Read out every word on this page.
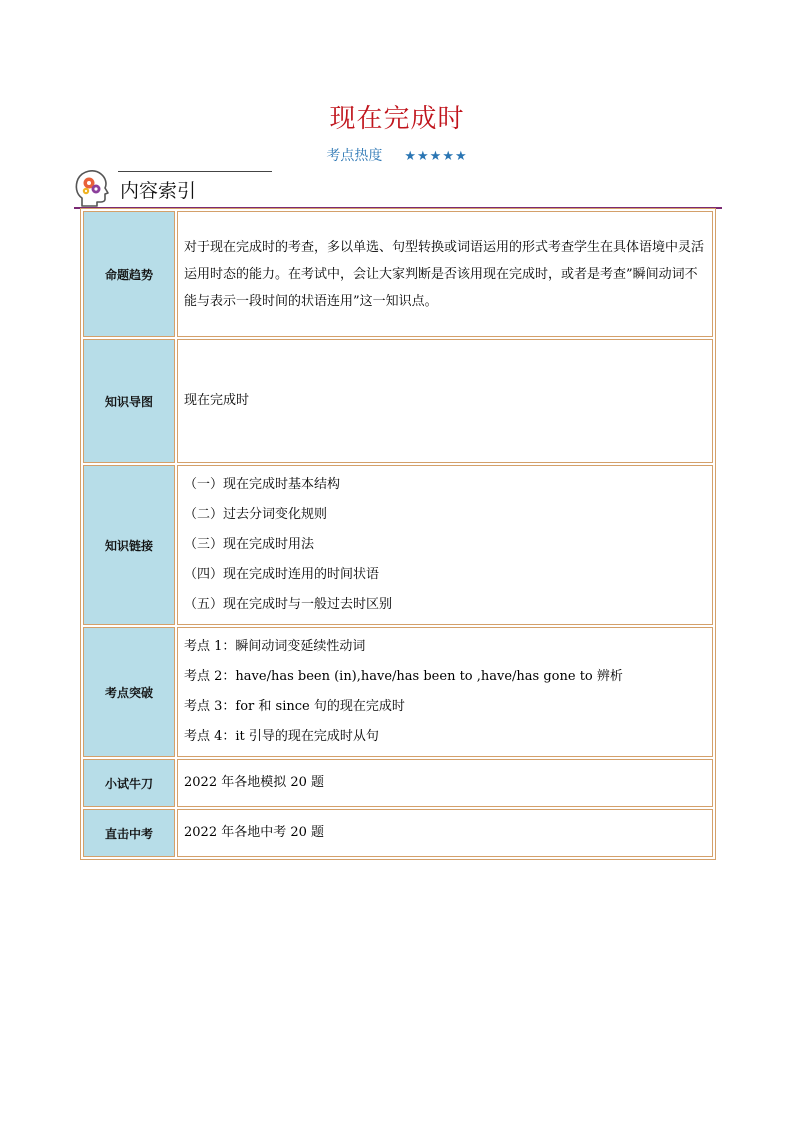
现在完成时
考点热度 ★★★★★
内容索引
命题趋势	对于现在完成时的考查，多以单选、句型转换或词语运用的形式考查学生在具体语境中灵活运用时态的能力。在考试中，会让大家判断是否该用现在完成时，或者是考查”瞬间动词不能与表示一段时间的状语连用”这一知识点。

知识导图	现在完成时

知识链接	（一）现在完成时基本结构
（二）过去分词变化规则
（三）现在完成时用法
（四）现在完成时连用的时间状语
（五）现在完成时与一般过去时区别

考点突破	考点 1：瞬间动词变延续性动词
考点 2：have/has been (in),have/has been to ,have/has gone to 辨析
考点 3：for 和 since 句的现在完成时
考点 4：it 引导的现在完成时从句

小试牛刀	2022 年各地模拟 20 题

直击中考	2022 年各地中考 20 题
